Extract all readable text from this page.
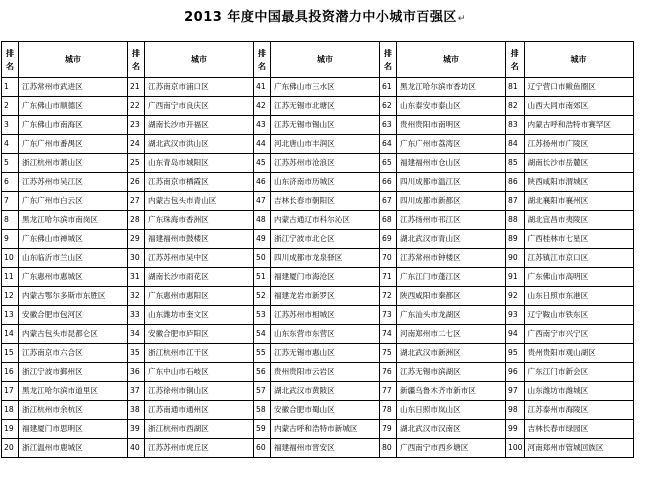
2013 年度中国最具投资潜力中小城市百强区↵
排
名	城市	排
名	城市	排
名	城市	排
名	城市	排
名	城市
1	江苏常州市武进区	21	江苏南京市浦口区	41	广东佛山市三水区	61	黑龙江哈尔滨市香坊区	81	辽宁营口市鲅鱼圈区
2	广东佛山市顺德区	22	广西南宁市良庆区	42	江苏无锡市北塘区	62	山东泰安市泰山区	82	山西大同市南郊区
3	广东佛山市南海区	23	湖南长沙市开福区	43	江苏无锡市锡山区	63	贵州贵阳市南明区	83	内蒙古呼和浩特市赛罕区
4	广东广州市番禺区	24	湖北武汉市洪山区	44	河北唐山市丰润区	64	广东广州市荔湾区	84	江苏扬州市广陵区
5	浙江杭州市萧山区	25	山东青岛市城阳区	45	江苏苏州市沧浪区	65	福建福州市仓山区	85	湖南长沙市岳麓区
6	江苏苏州市吴江区	26	江苏南京市栖霞区	46	山东济南市历城区	66	四川成都市温江区	86	陕西咸阳市渭城区
7	广东广州市白云区	27	内蒙古包头市青山区	47	吉林长春市朝阳区	67	四川成都市新都区	87	湖北襄阳市襄州区
8	黑龙江哈尔滨市南岗区	28	广东珠海市香洲区	48	内蒙古通辽市科尔沁区	68	江苏扬州市邗江区	88	湖北宜昌市夷陵区
9	广东佛山市禅城区	29	福建福州市鼓楼区	49	浙江宁波市北仑区	69	湖北武汉市青山区	89	广西桂林市七星区
10	山东临沂市兰山区	30	江苏苏州市吴中区	50	四川成都市龙泉驿区	70	江苏常州市钟楼区	90	江苏镇江市京口区
11	广东惠州市惠城区	31	湖南长沙市雨花区	51	福建厦门市海沧区	71	广东江门市蓬江区	91	广东佛山市高明区
12	内蒙古鄂尔多斯市东胜区	32	广东惠州市惠阳区	52	福建龙岩市新罗区	72	陕西咸阳市秦都区	92	山东日照市东港区
13	安徽合肥市包河区	33	山东潍坊市奎文区	53	江苏苏州市相城区	73	广东汕头市龙湖区	93	辽宁鞍山市铁东区
14	内蒙古包头市昆都仑区	34	安徽合肥市庐阳区	54	山东东营市东营区	74	河南郑州市二七区	94	广西南宁市兴宁区
15	江苏南京市六合区	35	浙江杭州市江干区	55	江苏无锡市惠山区	75	湖北武汉市新洲区	95	贵州贵阳市观山湖区
16	浙江宁波市鄞州区	36	广东中山市石岐区	56	贵州贵阳市云岩区	76	江苏无锡市滨湖区	96	广东江门市新会区
17	黑龙江哈尔滨市道里区	37	江苏徐州市铜山区	57	湖北武汉市黄陂区	77	新疆乌鲁木齐市新市区	97	山东潍坊市潍城区
18	浙江杭州市余杭区	38	江苏南通市通州区	58	安徽合肥市蜀山区	78	山东日照市岚山区	98	江苏泰州市海陵区
19	福建厦门市思明区	39	浙江杭州市西湖区	59	内蒙古呼和浩特市新城区	79	湖北武汉市汉南区	99	吉林长春市绿园区
20	浙江温州市鹿城区	40	江苏苏州市虎丘区	60	福建福州市晋安区	80	广西南宁市西乡塘区	100	河南郑州市管城回族区
